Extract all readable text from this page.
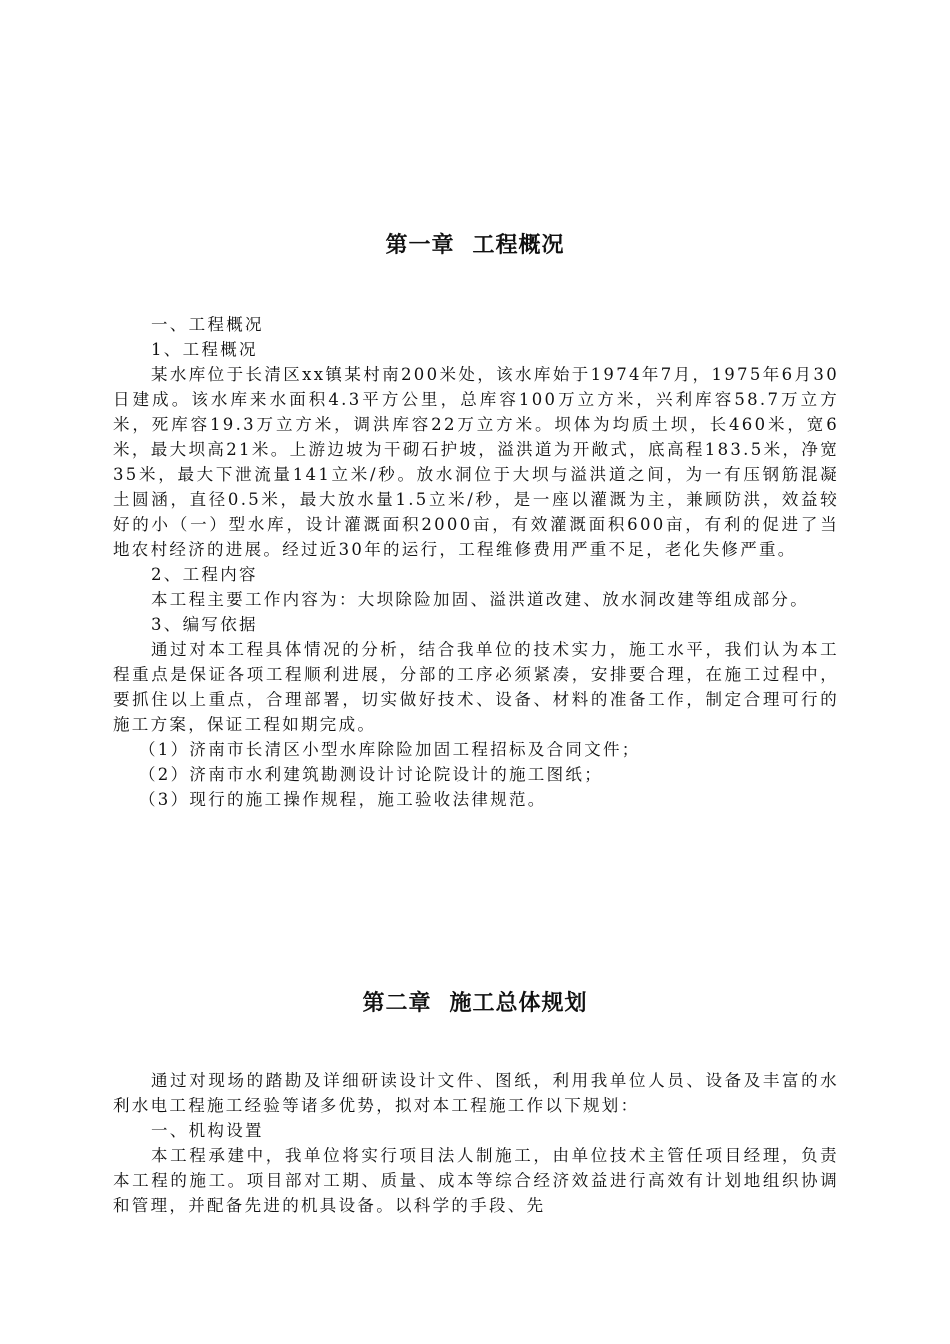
第一章 工程概况

一、工程概况

1、工程概况

某水库位于长清区xx镇某村南200米处，该水库始于1974年7月，1975年6月30日建成。该水库来水面积4.3平方公里，总库容100万立方米，兴利库容58.7万立方米，死库容19.3万立方米，调洪库容22万立方米。坝体为均质土坝，长460米，宽6米，最大坝高21米。上游边坡为干砌石护坡，溢洪道为开敞式，底高程183.5米，净宽35米，最大下泄流量141立米/秒。放水洞位于大坝与溢洪道之间，为一有压钢筋混凝土圆涵，直径0.5米，最大放水量1.5立米/秒，是一座以灌溉为主，兼顾防洪，效益较好的小（一）型水库，设计灌溉面积2000亩，有效灌溉面积600亩，有利的促进了当地农村经济的进展。经过近30年的运行，工程维修费用严重不足，老化失修严重。

2、工程内容

本工程主要工作内容为：大坝除险加固、溢洪道改建、放水洞改建等组成部分。

3、编写依据

通过对本工程具体情况的分析，结合我单位的技术实力，施工水平，我们认为本工程重点是保证各项工程顺利进展，分部的工序必须紧凑，安排要合理，在施工过程中，要抓住以上重点，合理部署，切实做好技术、设备、材料的准备工作，制定合理可行的施工方案，保证工程如期完成。

（1）济南市长清区小型水库除险加固工程招标及合同文件；

（2）济南市水利建筑勘测设计讨论院设计的施工图纸；

（3）现行的施工操作规程，施工验收法律规范。

第二章 施工总体规划

通过对现场的踏勘及详细研读设计文件、图纸，利用我单位人员、设备及丰富的水利水电工程施工经验等诸多优势，拟对本工程施工作以下规划：

一、机构设置

本工程承建中，我单位将实行项目法人制施工，由单位技术主管任项目经理，负责本工程的施工。项目部对工期、质量、成本等综合经济效益进行高效有计划地组织协调和管理，并配备先进的机具设备。以科学的手段、先
